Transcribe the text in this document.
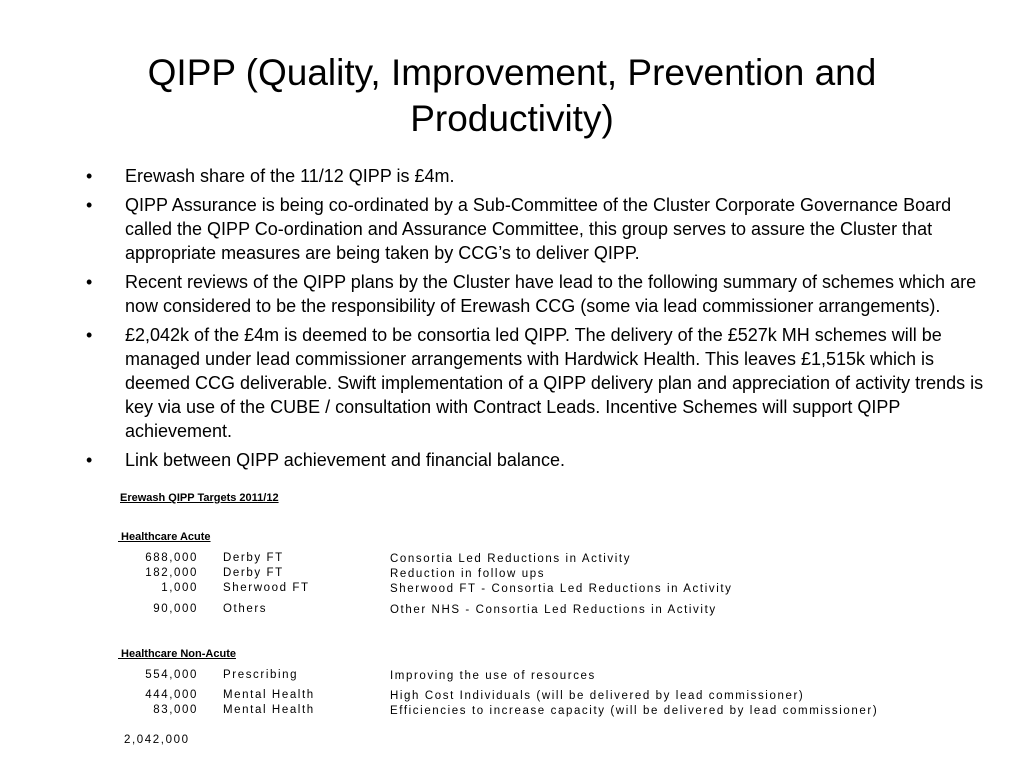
QIPP (Quality, Improvement, Prevention and Productivity)
•	Erewash share of the 11/12 QIPP is £4m.
•	QIPP Assurance is being co-ordinated by a Sub-Committee of the Cluster Corporate Governance Board called the QIPP Co-ordination and Assurance Committee, this group serves to assure the Cluster that appropriate measures are being taken by CCG’s to deliver QIPP.
•	Recent reviews of the QIPP plans by the Cluster have lead to the following summary of schemes which are now considered to be the responsibility of Erewash CCG (some via lead commissioner arrangements).
•	£2,042k of the £4m is deemed to be consortia led QIPP. The delivery of the £527k MH schemes will be managed under lead commissioner arrangements with Hardwick Health. This leaves £1,515k which is deemed CCG deliverable. Swift implementation of a QIPP delivery plan and appreciation of activity trends is key via use of the CUBE / consultation with Contract Leads. Incentive Schemes will support QIPP achievement.
•	Link between QIPP achievement and financial balance.
Erewash QIPP Targets 2011/12
Healthcare Acute
688,000 Derby FT	Consortia Led Reductions in Activity
182,000 Derby FT	Reduction in follow ups
1,000 Sherwood FT	Sherwood FT - Consortia Led Reductions in Activity
90,000 Others	Other NHS - Consortia Led Reductions in Activity
Healthcare Non-Acute
554,000 Prescribing	Improving the use of resources
444,000 Mental Health	High Cost Individuals (will be delivered by lead commissioner)
83,000 Mental Health	Efficiencies to increase capacity (will be delivered by lead commissioner)
2,042,000
